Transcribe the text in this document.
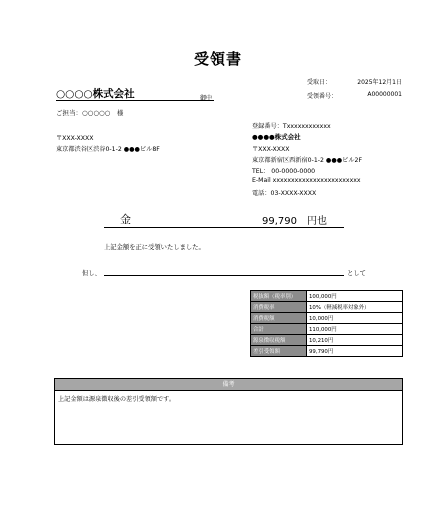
受領書
受取日：	2025年12月1日
受領番号：	A00000001
○○○○株式会社	御中
ご担当：○○○○○　様
〒XXX-XXXX
東京都渋谷区渋谷0-1-2 ●●●ビル8F
登録番号：Txxxxxxxxxxxx
●●●●株式会社
〒XXX-XXXX
東京都新宿区西新宿0-1-2 ●●●ビル2F
TEL： 00-0000-0000
E-Mail xxxxxxxxxxxxxxxxxxxxxxxx
電話：03-XXXX-XXXX
金	99,790　円也
上記金額を正に受領いたしました。
但し、	として
税抜額（税率別）	100,000円
消費税率	10%（軽減税率対象外）
消費税額	10,000円
合計	110,000円
源泉徴収税額	10,210円
差引受領額	99,790円
備考
上記金額は源泉徴収後の差引受領額です。
